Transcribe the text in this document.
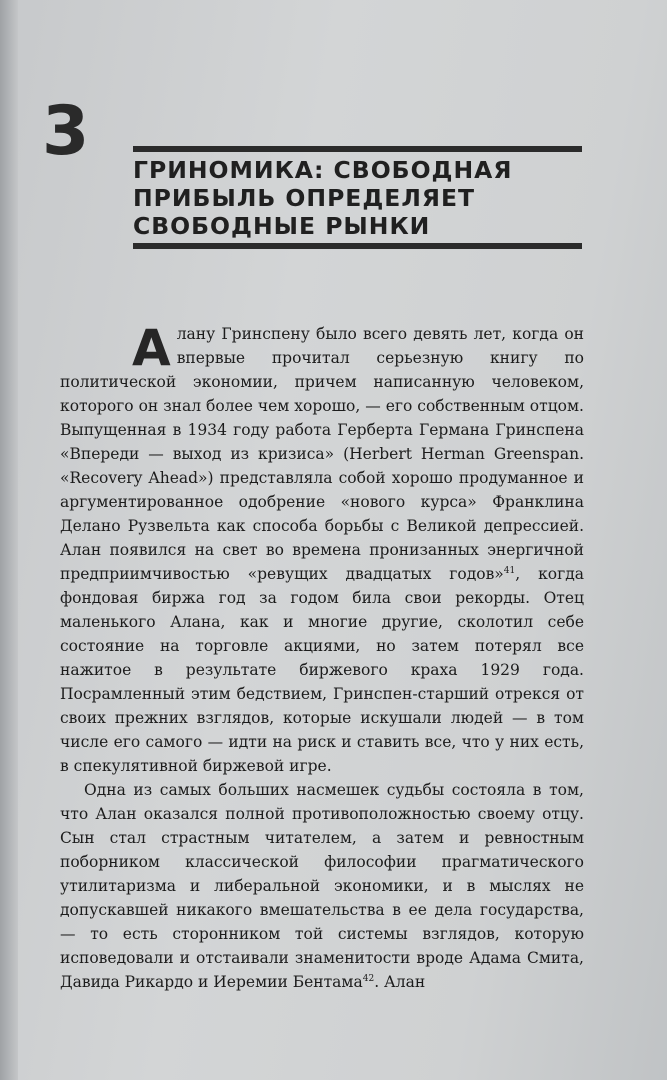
3 ГРИНОМИКА: СВОБОДНАЯ
ПРИБЫЛЬ ОПРЕДЕЛЯЕТ
СВОБОДНЫЕ РЫНКИ

Алану Гринспену было всего девять лет, когда он впервые прочитал серьезную книгу по политической экономии, причем написанную человеком, которого он знал более чем хорошо, — его собственным отцом. Выпущенная в 1934 году работа Герберта Германа Гринспена «Впереди — выход из кризиса» (Herbert Herman Greenspan. «Recovery Ahead») представляла собой хорошо продуманное и аргументированное одобрение «нового курса» Франклина Делано Рузвельта как способа борьбы с Великой депрессией. Алан появился на свет во времена пронизанных энергичной предприимчивостью «ревущих двадцатых годов»$^{41}$, когда фондовая биржа год за годом била свои рекорды. Отец маленького Алана, как и многие другие, сколотил себе состояние на торговле акциями, но затем потерял все нажитое в результате биржевого краха 1929 года. Посрамленный этим бедствием, Гринспен-старший отрекся от своих прежних взглядов, которые искушали людей — в том числе его самого — идти на риск и ставить все, что у них есть, в спекулятивной биржевой игре.

Одна из самых больших насмешек судьбы состояла в том, что Алан оказался полной противоположностью своему отцу. Сын стал страстным читателем, а затем и ревностным поборником классической философии прагматического утилитаризма и либеральной экономики, и в мыслях не допускавшей никакого вмешательства в ее дела государства, — то есть сторонником той системы взглядов, которую исповедовали и отстаивали знаменитости вроде Адама Смита, Давида Рикардо и Иеремии Бентама$^{42}$. Алан
